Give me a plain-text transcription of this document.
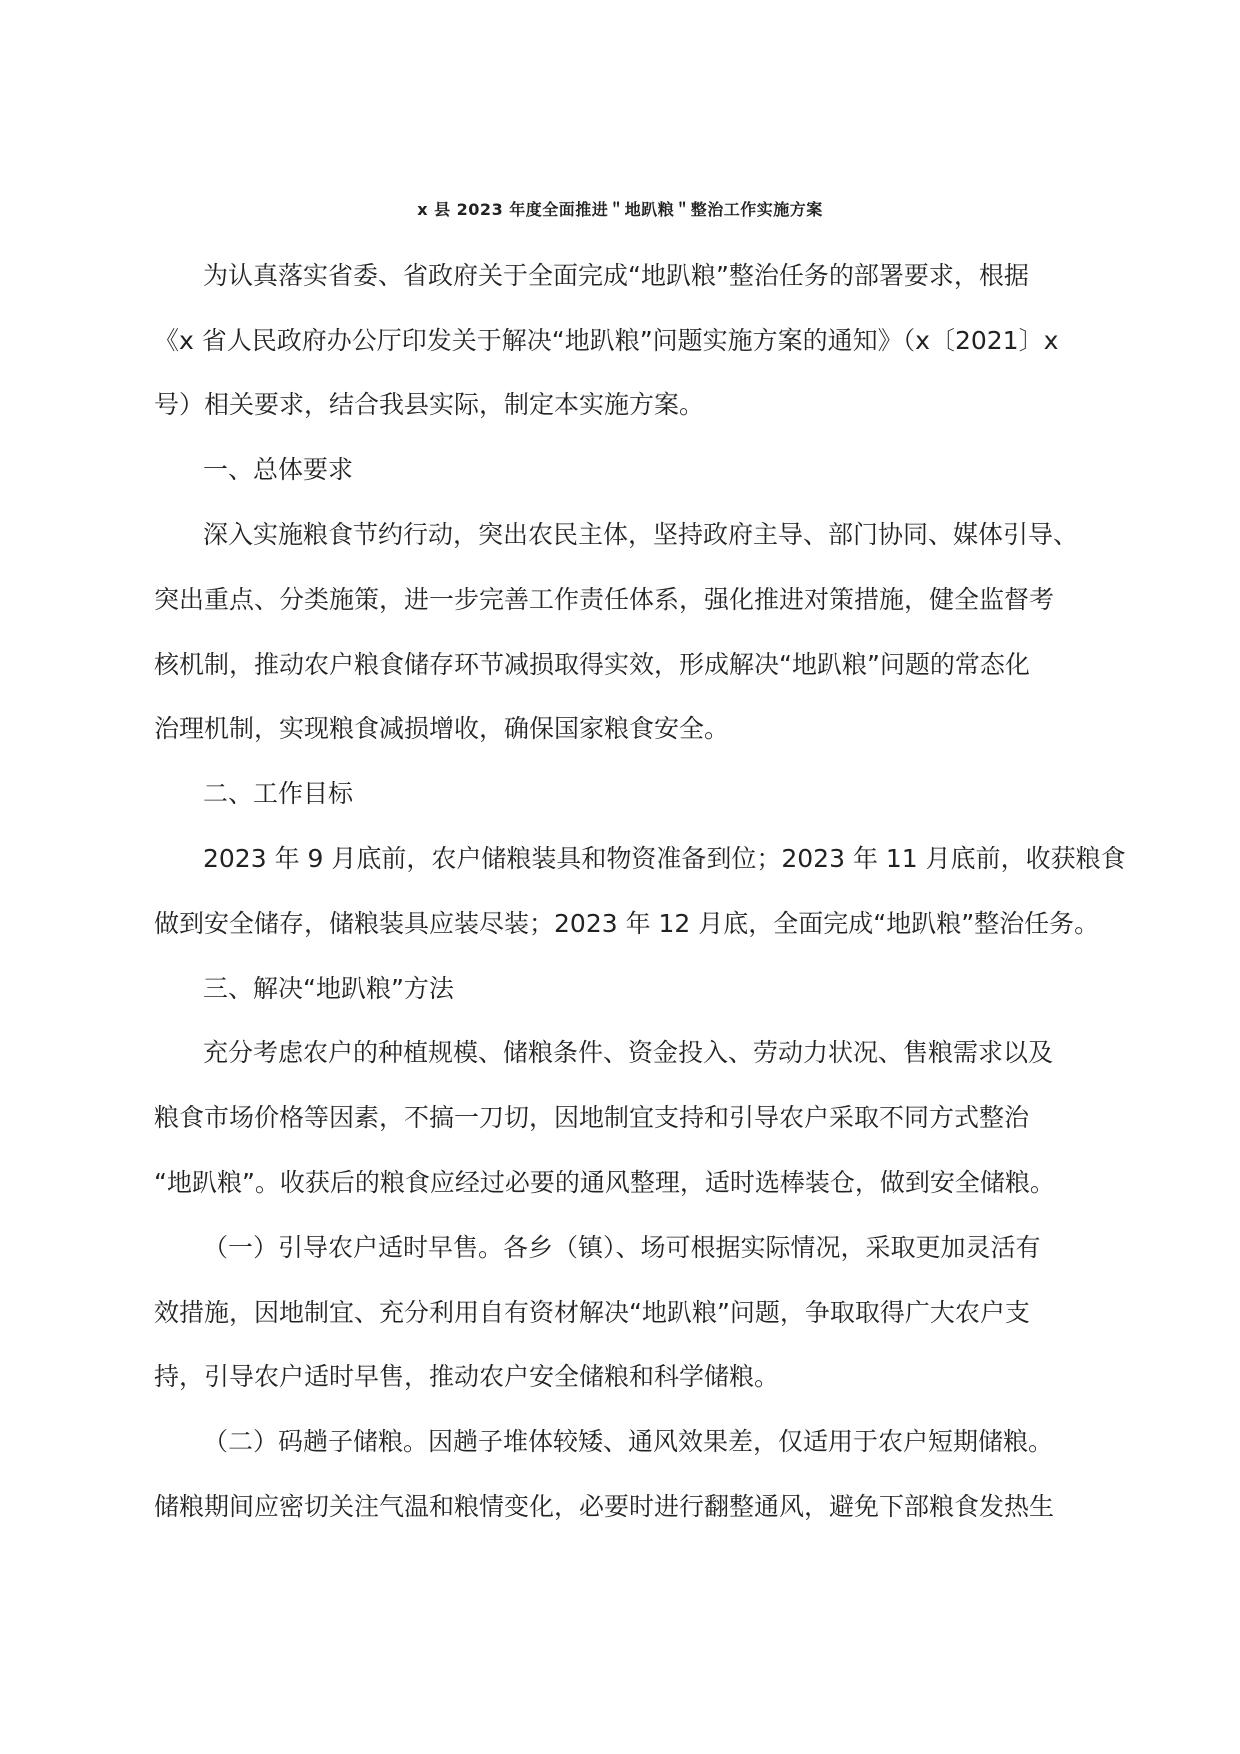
x 县 2023 年度全面推进＂地趴粮＂整治工作实施方案
为认真落实省委、省政府关于全面完成“地趴粮”整治任务的部署要求，根据
《x 省人民政府办公厅印发关于解决“地趴粮”问题实施方案的通知》（x〔2021〕x
号）相关要求，结合我县实际，制定本实施方案。
一、总体要求
深入实施粮食节约行动，突出农民主体，坚持政府主导、部门协同、媒体引导、
突出重点、分类施策，进一步完善工作责任体系，强化推进对策措施，健全监督考
核机制，推动农户粮食储存环节减损取得实效，形成解决“地趴粮”问题的常态化
治理机制，实现粮食减损增收，确保国家粮食安全。
二、工作目标
2023 年 9 月底前，农户储粮装具和物资准备到位；2023 年 11 月底前，收获粮食
做到安全储存，储粮装具应装尽装；2023 年 12 月底，全面完成“地趴粮”整治任务。
三、解决“地趴粮”方法
充分考虑农户的种植规模、储粮条件、资金投入、劳动力状况、售粮需求以及
粮食市场价格等因素，不搞一刀切，因地制宜支持和引导农户采取不同方式整治
“地趴粮”。收获后的粮食应经过必要的通风整理，适时选棒装仓，做到安全储粮。
（一）引导农户适时早售。各乡（镇）、场可根据实际情况，采取更加灵活有
效措施，因地制宜、充分利用自有资材解决“地趴粮”问题，争取取得广大农户支
持，引导农户适时早售，推动农户安全储粮和科学储粮。
（二）码趟子储粮。因趟子堆体较矮、通风效果差，仅适用于农户短期储粮。
储粮期间应密切关注气温和粮情变化，必要时进行翻整通风，避免下部粮食发热生
